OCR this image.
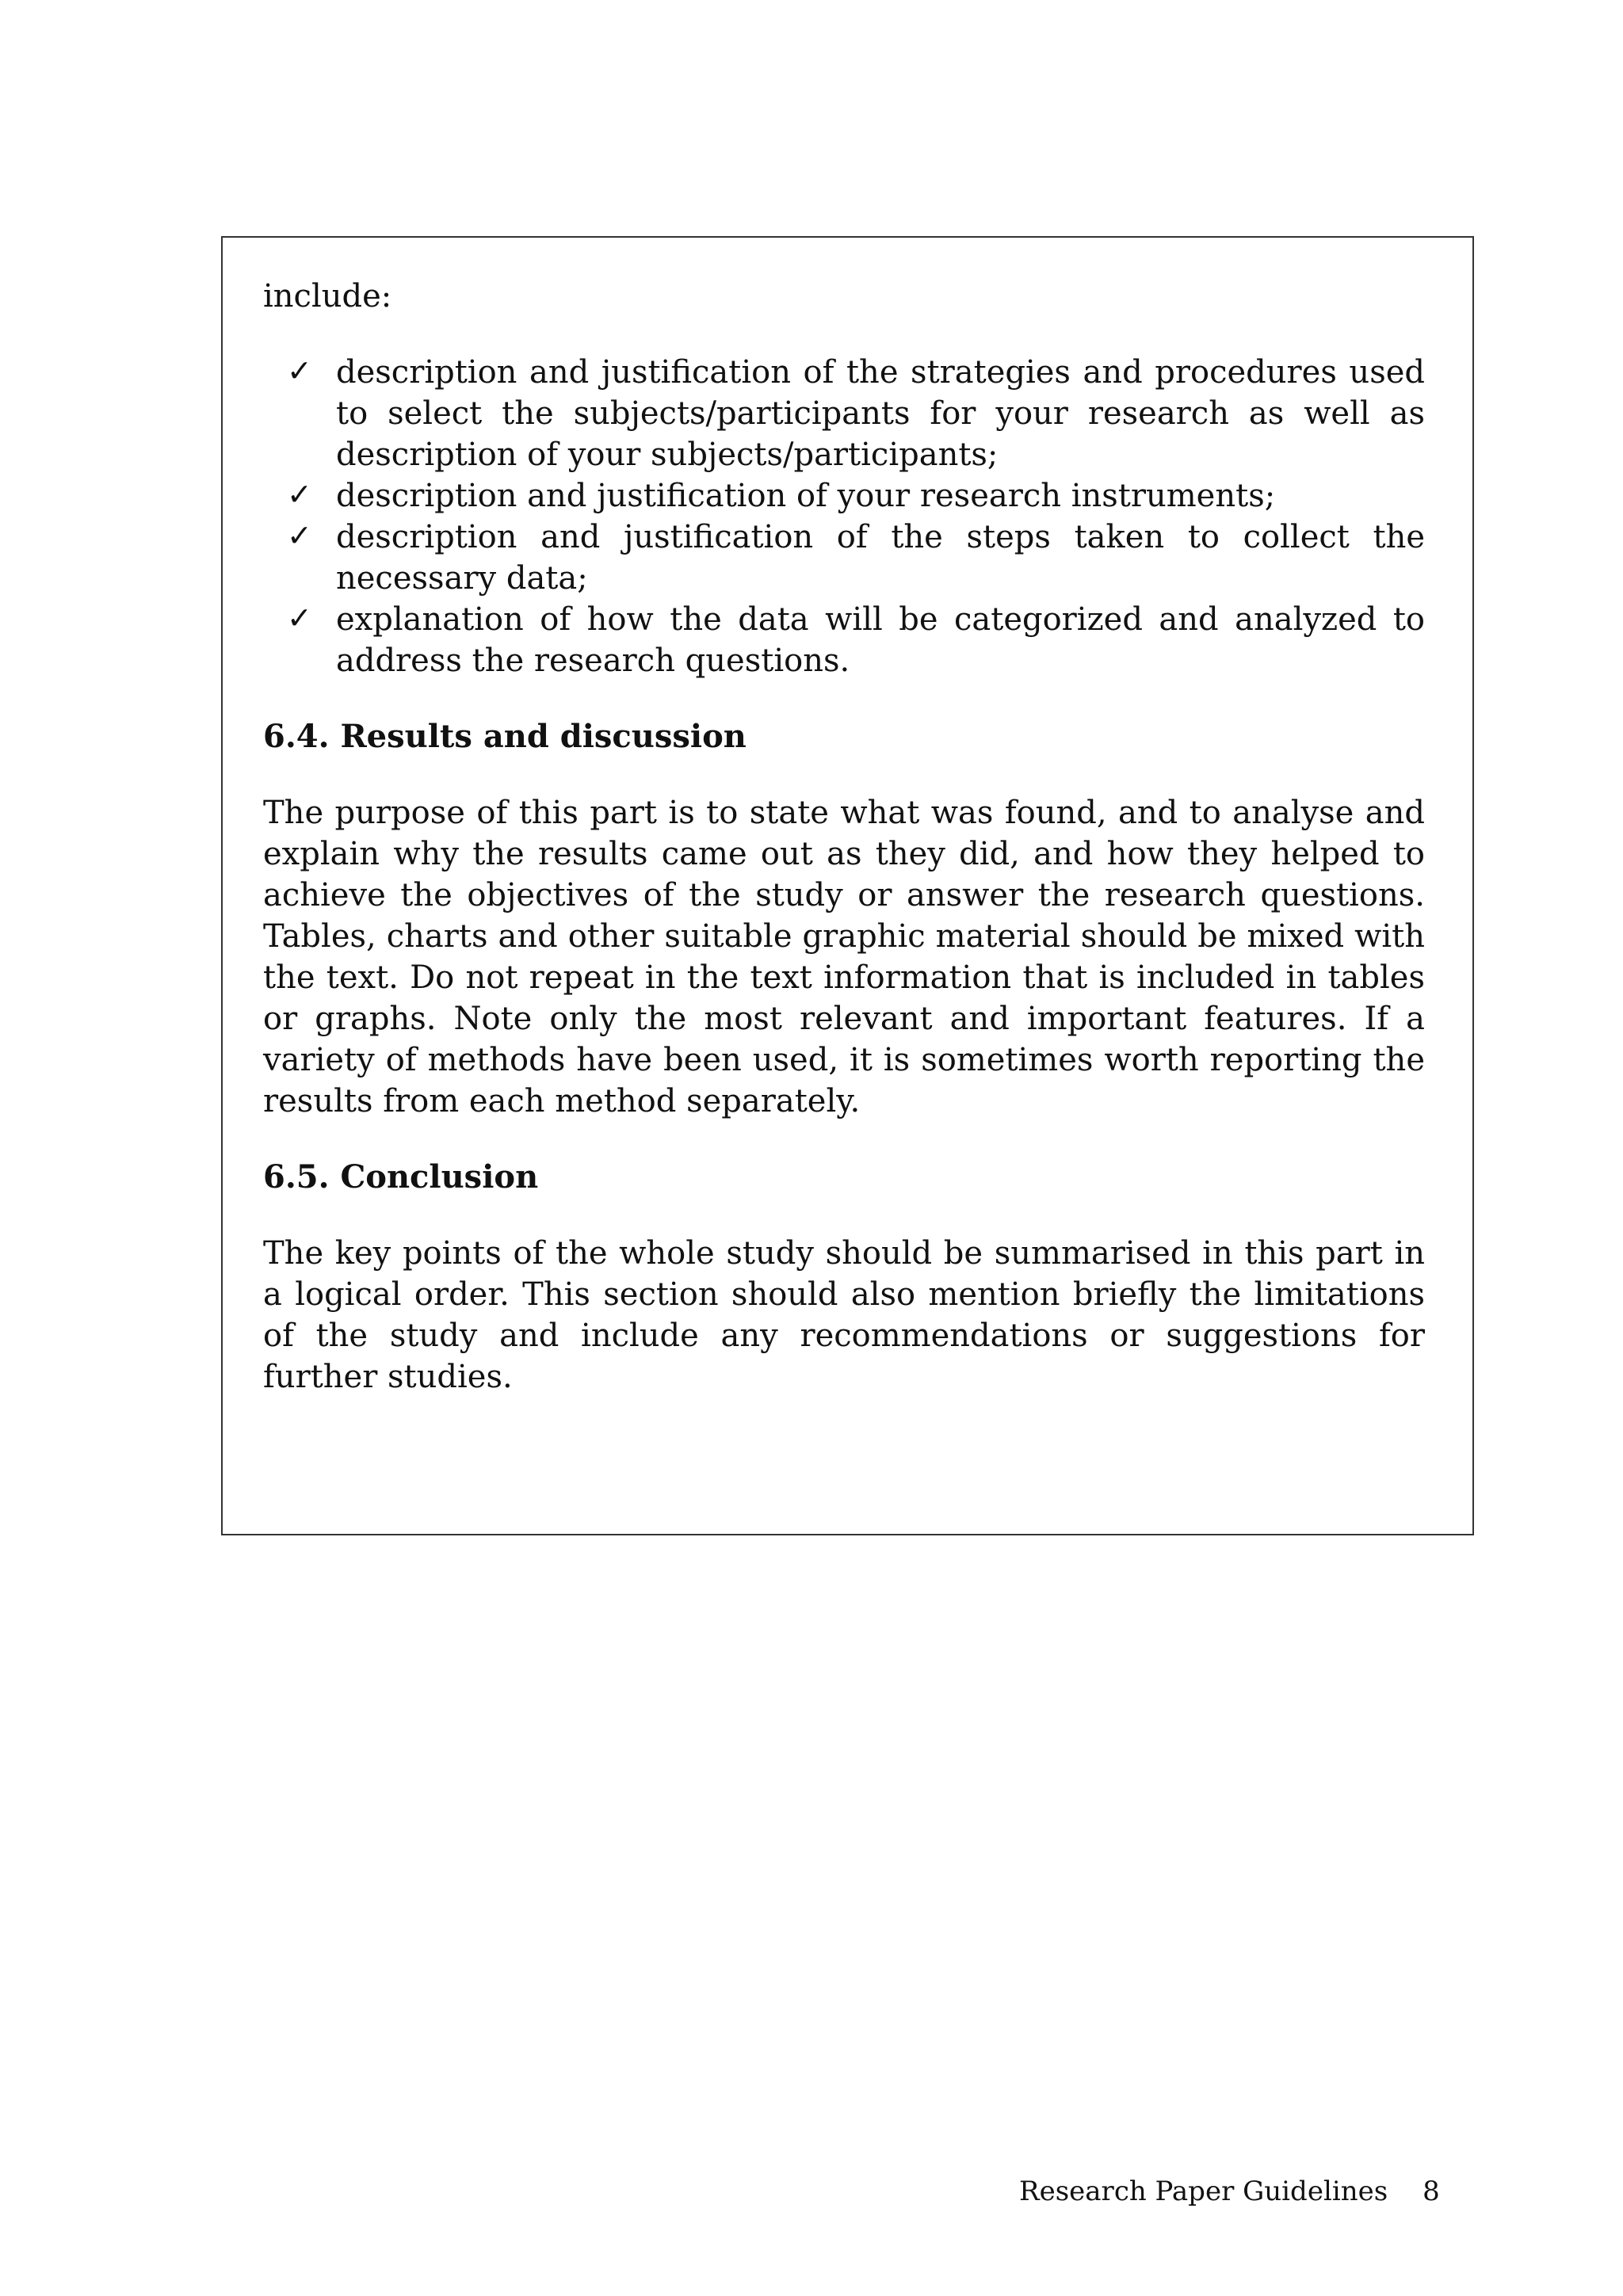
include:

✓ description and justification of the strategies and procedures used to select the subjects/participants for your research as well as description of your subjects/participants;
✓ description and justification of your research instruments;
✓ description and justification of the steps taken to collect the necessary data;
✓ explanation of how the data will be categorized and analyzed to address the research questions.
6.4. Results and discussion

The purpose of this part is to state what was found, and to analyse and explain why the results came out as they did, and how they helped to achieve the objectives of the study or answer the research questions. Tables, charts and other suitable graphic material should be mixed with the text. Do not repeat in the text information that is included in tables or graphs. Note only the most relevant and important features. If a variety of methods have been used, it is sometimes worth reporting the results from each method separately.

6.5. Conclusion

The key points of the whole study should be summarised in this part in a logical order. This section should also mention briefly the limitations of the study and include any recommendations or suggestions for further studies.

Research Paper Guidelines 8
